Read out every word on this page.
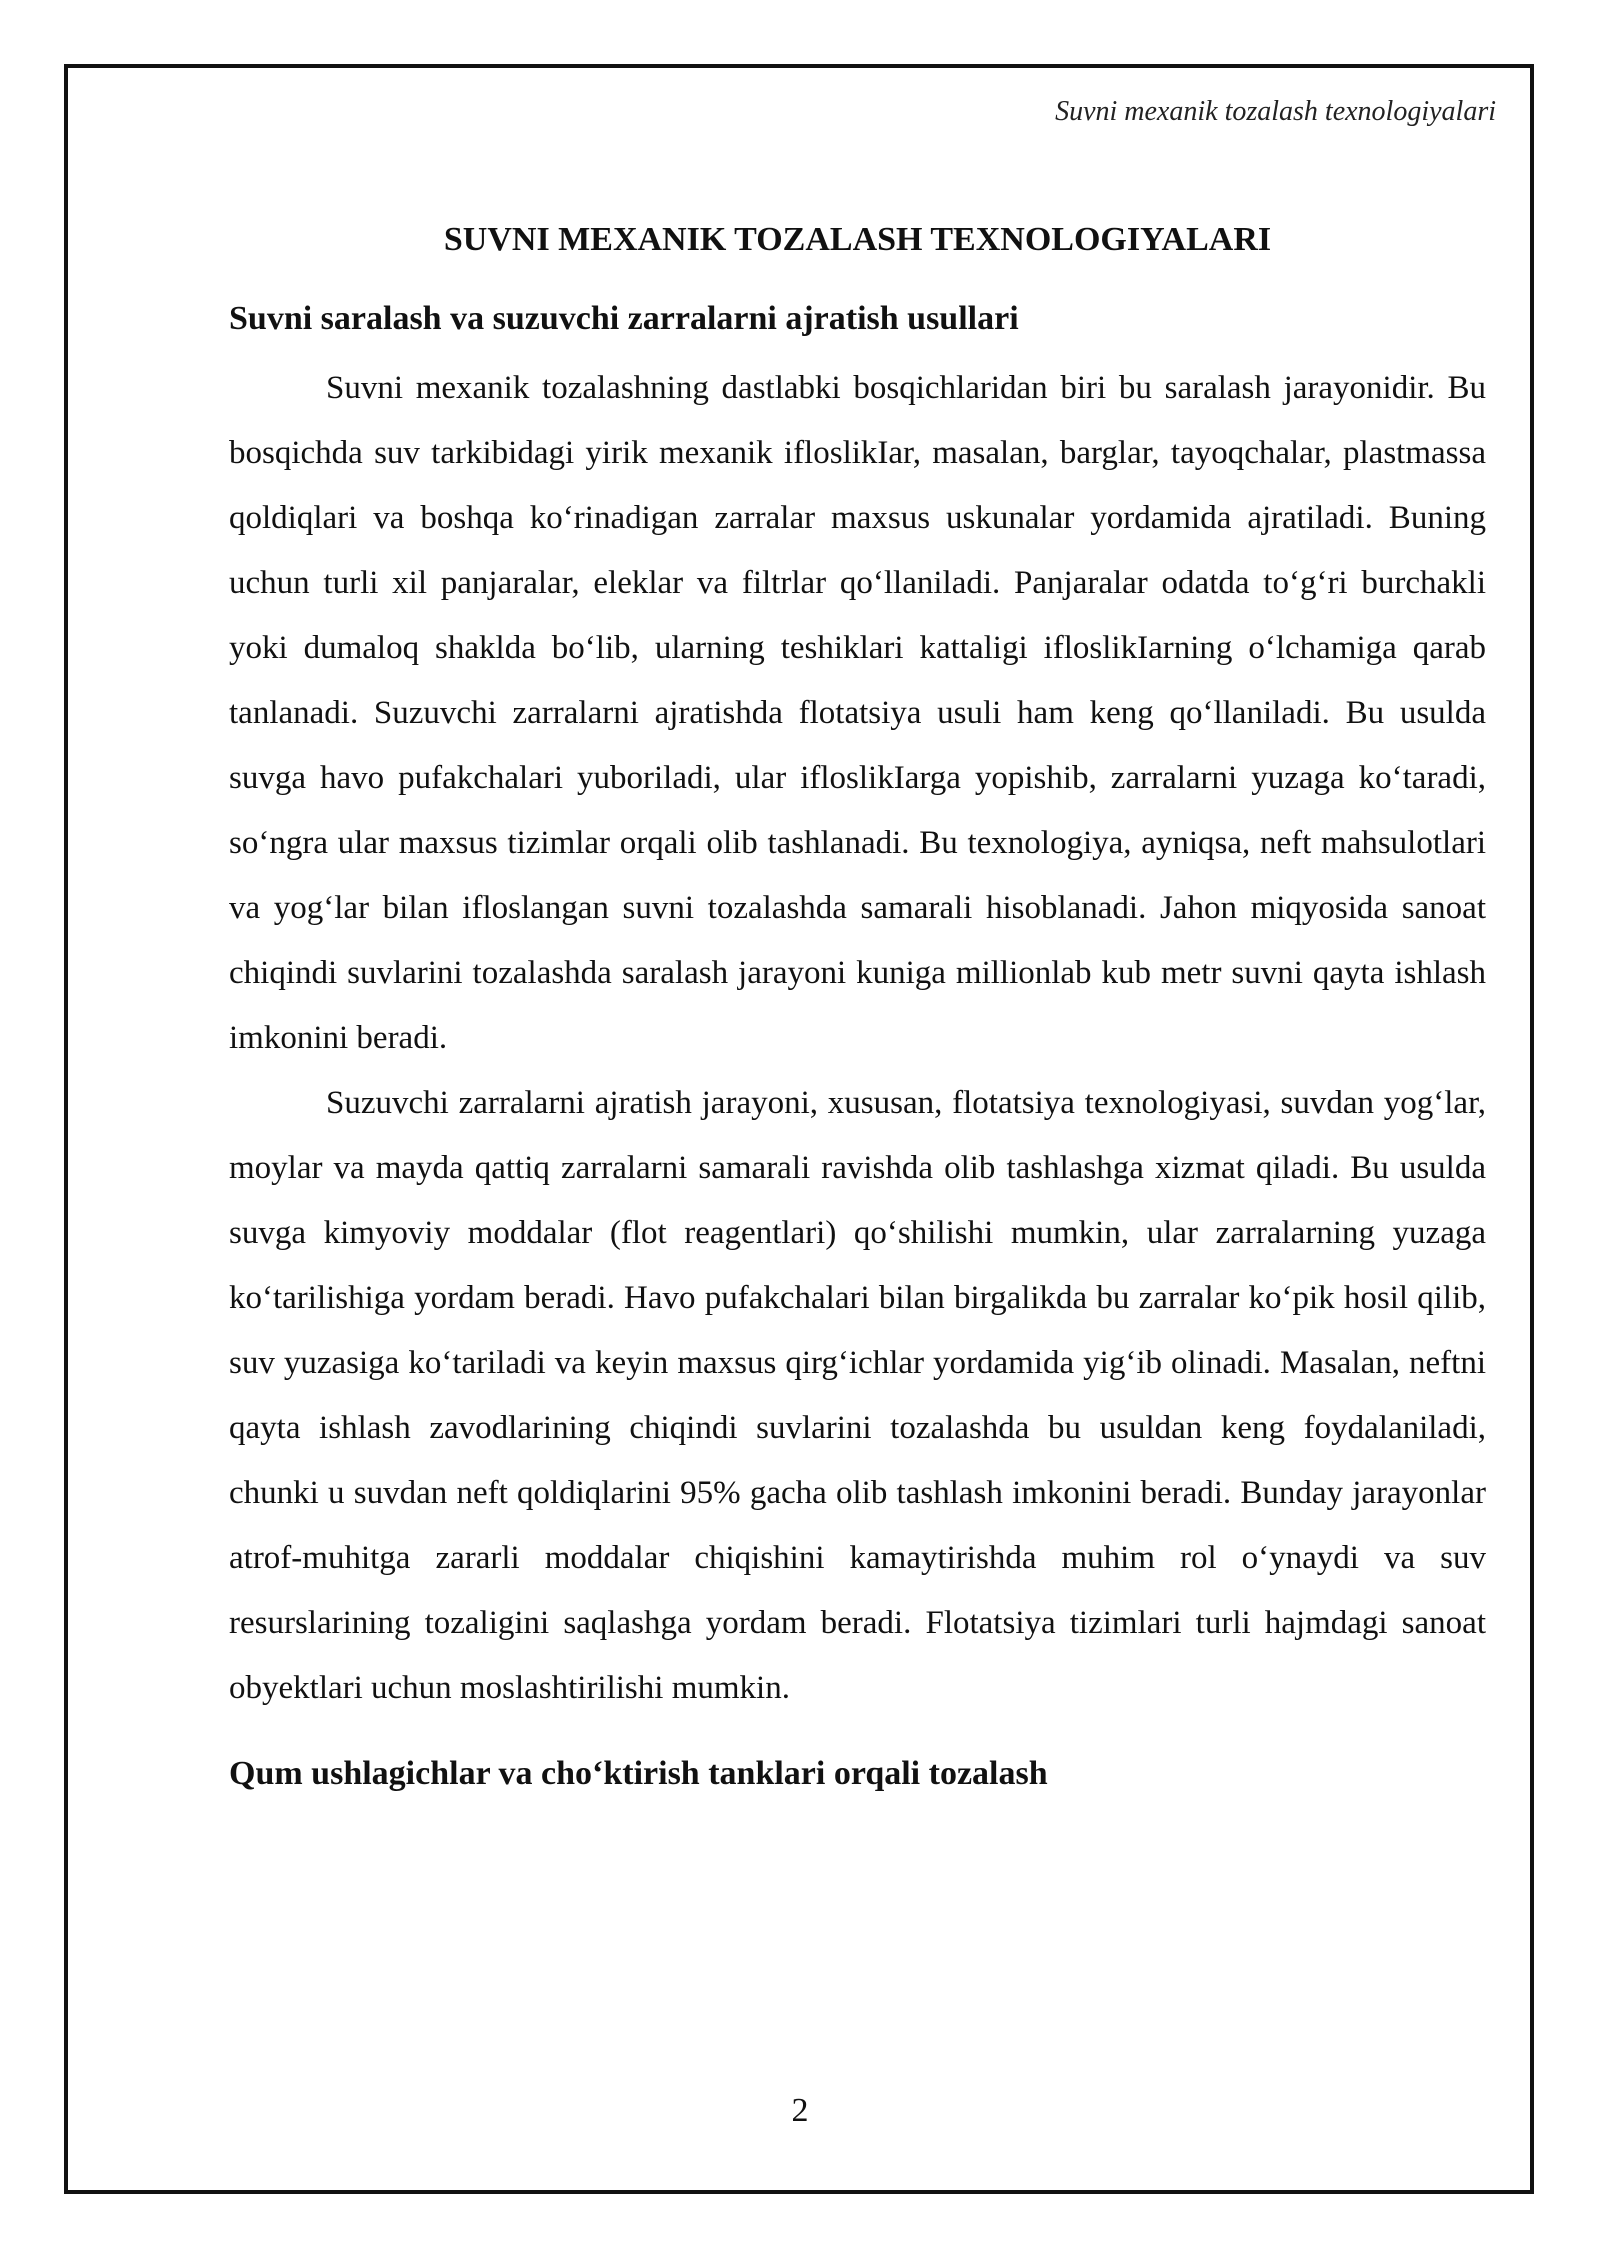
Suvni mexanik tozalash texnologiyalari
SUVNI MEXANIK TOZALASH TEXNOLOGIYALARI
Suvni saralash va suzuvchi zarralarni ajratish usullari

Suvni mexanik tozalashning dastlabki bosqichlaridan biri bu saralash jarayonidir. Bu bosqichda suv tarkibidagi yirik mexanik ifloslikIar, masalan, barglar, tayoqchalar, plastmassa qoldiqlari va boshqa ko‘rinadigan zarralar maxsus uskunalar yordamida ajratiladi. Buning uchun turli xil panjaralar, eleklar va filtrlar qo‘llaniladi. Panjaralar odatda to‘g‘ri burchakli yoki dumaloq shaklda bo‘lib, ularning teshiklari kattaligi ifloslikIarning o‘lchamiga qarab tanlanadi. Suzuvchi zarralarni ajratishda flotatsiya usuli ham keng qo‘llaniladi. Bu usulda suvga havo pufakchalari yuboriladi, ular ifloslikIarga yopishib, zarralarni yuzaga ko‘taradi, so‘ngra ular maxsus tizimlar orqali olib tashlanadi. Bu texnologiya, ayniqsa, neft mahsulotlari va yog‘lar bilan ifloslangan suvni tozalashda samarali hisoblanadi. Jahon miqyosida sanoat chiqindi suvlarini tozalashda saralash jarayoni kuniga millionlab kub metr suvni qayta ishlash imkonini beradi.

Suzuvchi zarralarni ajratish jarayoni, xususan, flotatsiya texnologiyasi, suvdan yog‘lar, moylar va mayda qattiq zarralarni samarali ravishda olib tashlashga xizmat qiladi. Bu usulda suvga kimyoviy moddalar (flot reagentlari) qo‘shilishi mumkin, ular zarralarning yuzaga ko‘tarilishiga yordam beradi. Havo pufakchalari bilan birgalikda bu zarralar ko‘pik hosil qilib, suv yuzasiga ko‘tariladi va keyin maxsus qirg‘ichlar yordamida yig‘ib olinadi. Masalan, neftni qayta ishlash zavodlarining chiqindi suvlarini tozalashda bu usuldan keng foydalaniladi, chunki u suvdan neft qoldiqlarini 95% gacha olib tashlash imkonini beradi. Bunday jarayonlar atrof-muhitga zararli moddalar chiqishini kamaytirishda muhim rol o‘ynaydi va suv resurslarining tozaligini saqlashga yordam beradi. Flotatsiya tizimlari turli hajmdagi sanoat obyektlari uchun moslashtirilishi mumkin.

Qum ushlagichlar va cho‘ktirish tanklari orqali tozalash
2
